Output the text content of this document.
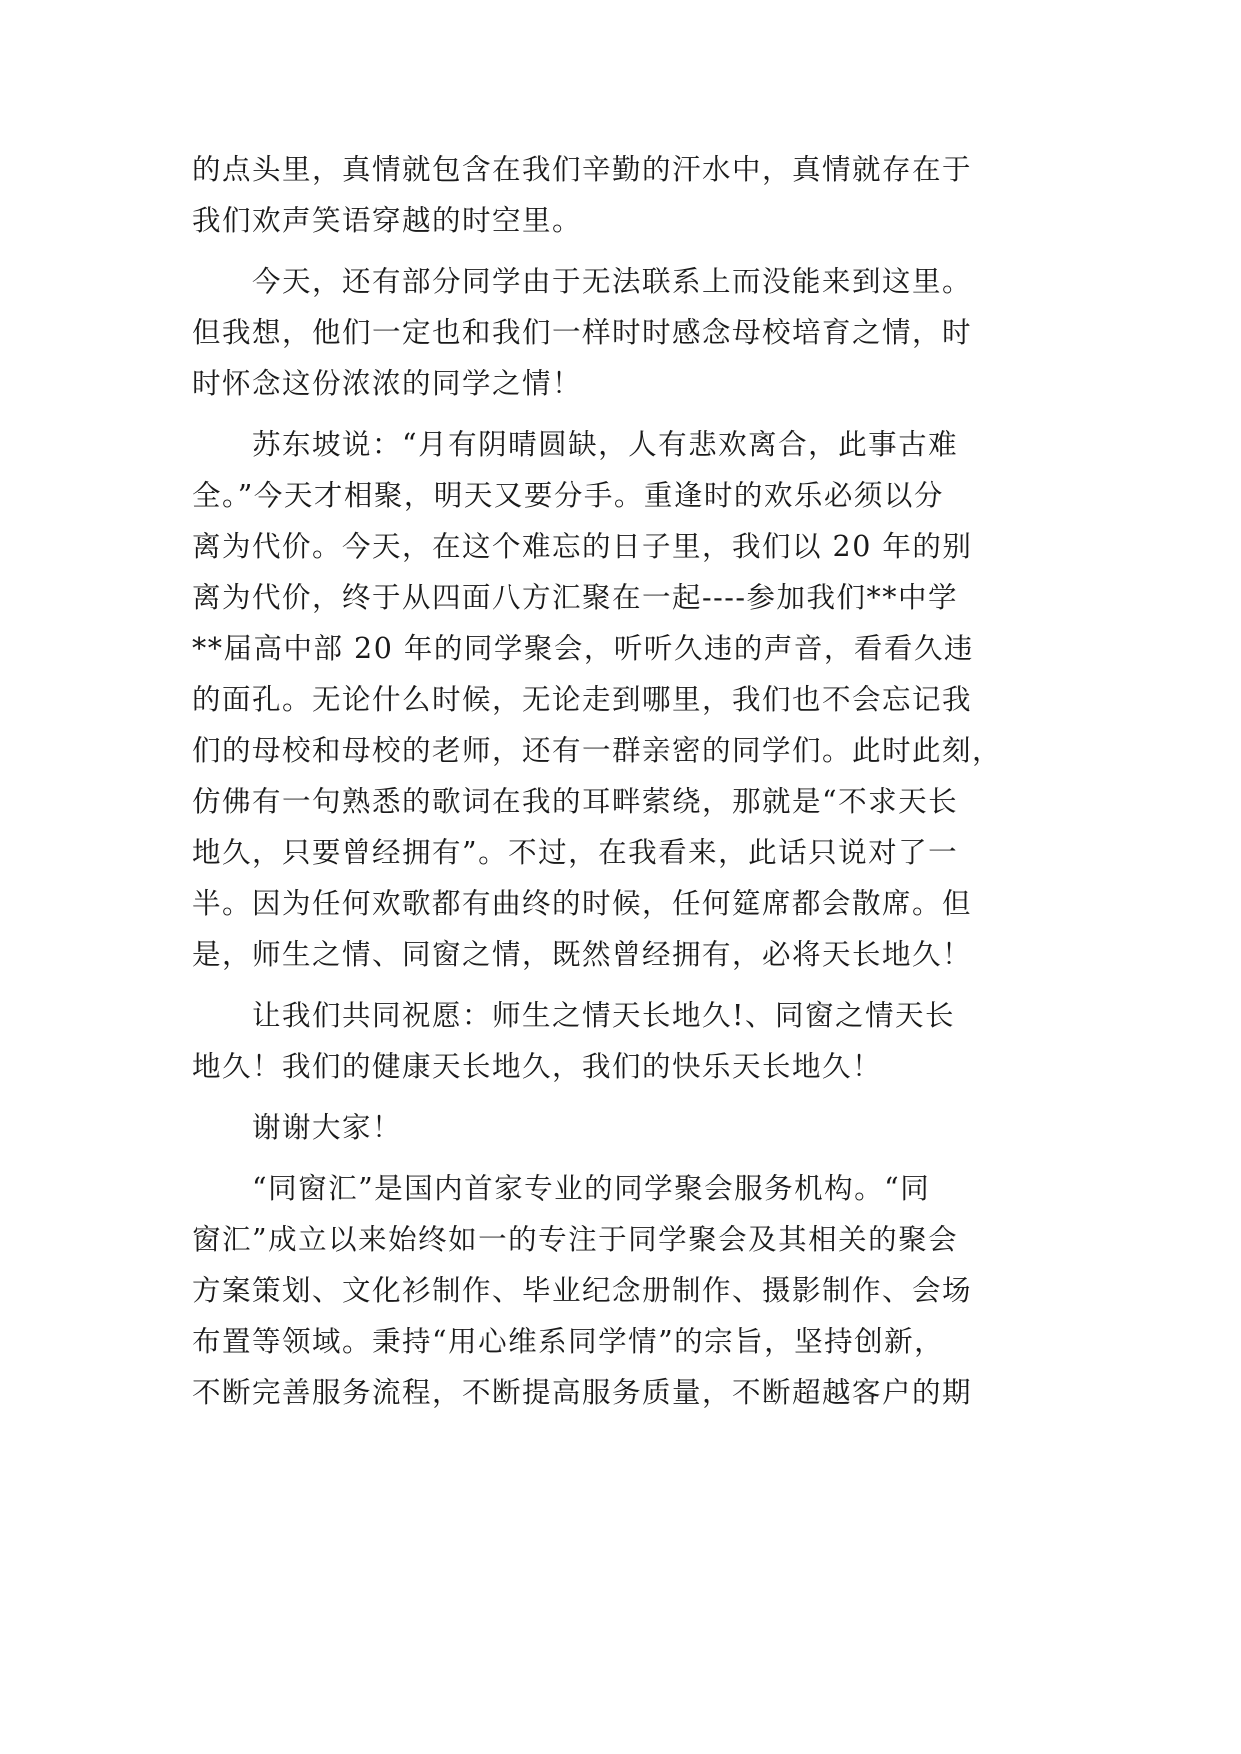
的点头里，真情就包含在我们辛勤的汗水中，真情就存在于
我们欢声笑语穿越的时空里。
　　今天，还有部分同学由于无法联系上而没能来到这里。
但我想，他们一定也和我们一样时时感念母校培育之情，时
时怀念这份浓浓的同学之情！
　　苏东坡说：“月有阴晴圆缺，人有悲欢离合，此事古难
全。”今天才相聚，明天又要分手。重逢时的欢乐必须以分
离为代价。今天，在这个难忘的日子里，我们以 20 年的别
离为代价，终于从四面八方汇聚在一起----参加我们**中学
**届高中部 20 年的同学聚会，听听久违的声音，看看久违
的面孔。无论什么时候，无论走到哪里，我们也不会忘记我
们的母校和母校的老师，还有一群亲密的同学们。此时此刻，
仿佛有一句熟悉的歌词在我的耳畔萦绕，那就是“不求天长
地久，只要曾经拥有”。不过，在我看来，此话只说对了一
半。因为任何欢歌都有曲终的时候，任何筵席都会散席。但
是，师生之情、同窗之情，既然曾经拥有，必将天长地久！
　　让我们共同祝愿：师生之情天长地久!、同窗之情天长
地久！我们的健康天长地久，我们的快乐天长地久！
　　谢谢大家！
　　“同窗汇”是国内首家专业的同学聚会服务机构。“同
窗汇”成立以来始终如一的专注于同学聚会及其相关的聚会
方案策划、文化衫制作、毕业纪念册制作、摄影制作、会场
布置等领域。秉持“用心维系同学情”的宗旨，坚持创新，
不断完善服务流程，不断提高服务质量，不断超越客户的期
